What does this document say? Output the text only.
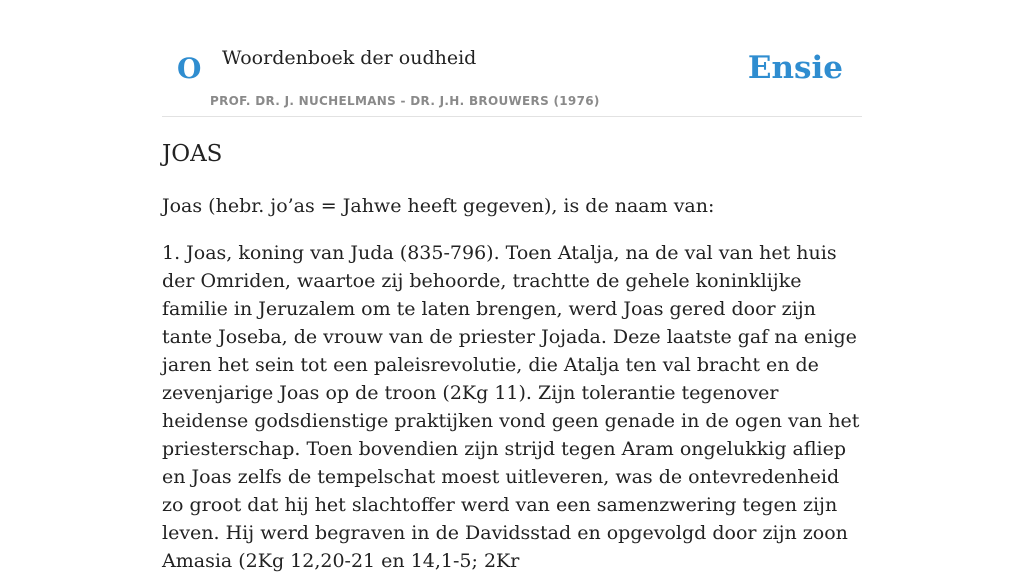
O Woordenboek der oudheid
PROF. DR. J. NUCHELMANS - DR. J.H. BROUWERS (1976)
Ensie
JOAS

Joas (hebr. jo’as = Jahwe heeft gegeven), is de naam van:

1. Joas, koning van Juda (835-796). Toen Atalja, na de val van het huis der Omriden, waartoe zij behoorde, trachtte de gehele koninklijke familie in Jeruzalem om te laten brengen, werd Joas gered door zijn tante Joseba, de vrouw van de priester Jojada. Deze laatste gaf na enige jaren het sein tot een paleisrevolutie, die Atalja ten val bracht en de zevenjarige Joas op de troon (2Kg 11). Zijn tolerantie tegenover heidense godsdienstige praktijken vond geen genade in de ogen van het priesterschap. Toen bovendien zijn strijd tegen Aram ongelukkig afliep en Joas zelfs de tempelschat moest uitleveren, was de ontevredenheid zo groot dat hij het slachtoffer werd van een samenzwering tegen zijn leven. Hij werd begraven in de Davidsstad en opgevolgd door zijn zoon Amasia (2Kg 12,20-21 en 14,1-5; 2Kr
